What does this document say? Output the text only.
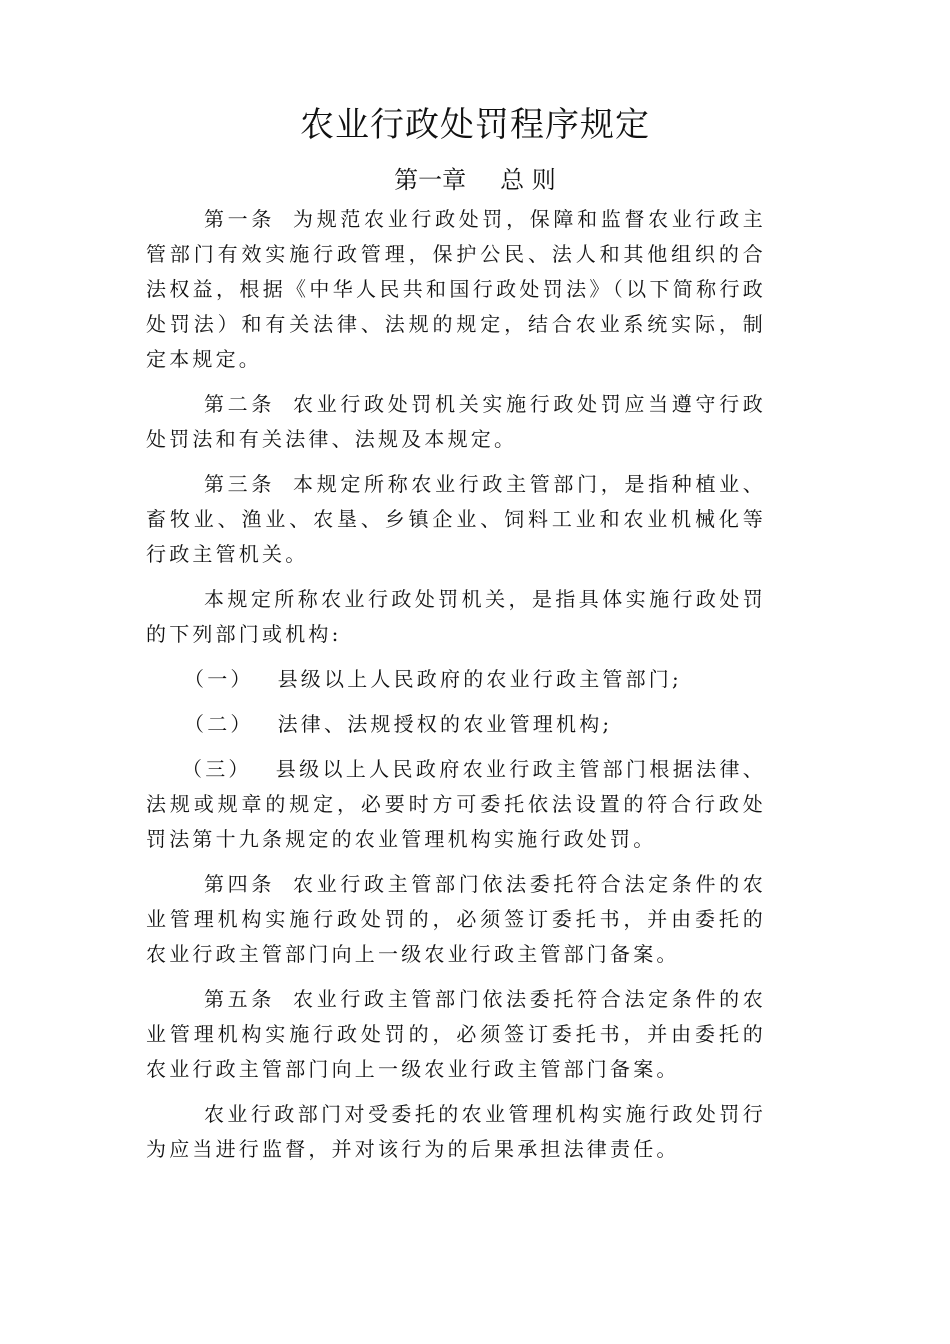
农业行政处罚程序规定
第一章 总 则

第一条 为规范农业行政处罚，保障和监督农业行政主管部门有效实施行政管理，保护公民、法人和其他组织的合法权益，根据《中华人民共和国行政处罚法》（以下简称行政处罚法）和有关法律、法规的规定，结合农业系统实际，制定本规定。

第二条 农业行政处罚机关实施行政处罚应当遵守行政处罚法和有关法律、法规及本规定。

第三条 本规定所称农业行政主管部门，是指种植业、畜牧业、渔业、农垦、乡镇企业、饲料工业和农业机械化等行政主管机关。

本规定所称农业行政处罚机关，是指具体实施行政处罚的下列部门或机构:

（一） 县级以上人民政府的农业行政主管部门;

（二） 法律、法规授权的农业管理机构;

（三） 县级以上人民政府农业行政主管部门根据法律、法规或规章的规定，必要时方可委托依法设置的符合行政处罚法第十九条规定的农业管理机构实施行政处罚。

第四条 农业行政主管部门依法委托符合法定条件的农业管理机构实施行政处罚的，必须签订委托书，并由委托的农业行政主管部门向上一级农业行政主管部门备案。

第五条 农业行政主管部门依法委托符合法定条件的农业管理机构实施行政处罚的，必须签订委托书，并由委托的农业行政主管部门向上一级农业行政主管部门备案。

农业行政部门对受委托的农业管理机构实施行政处罚行为应当进行监督，并对该行为的后果承担法律责任。
